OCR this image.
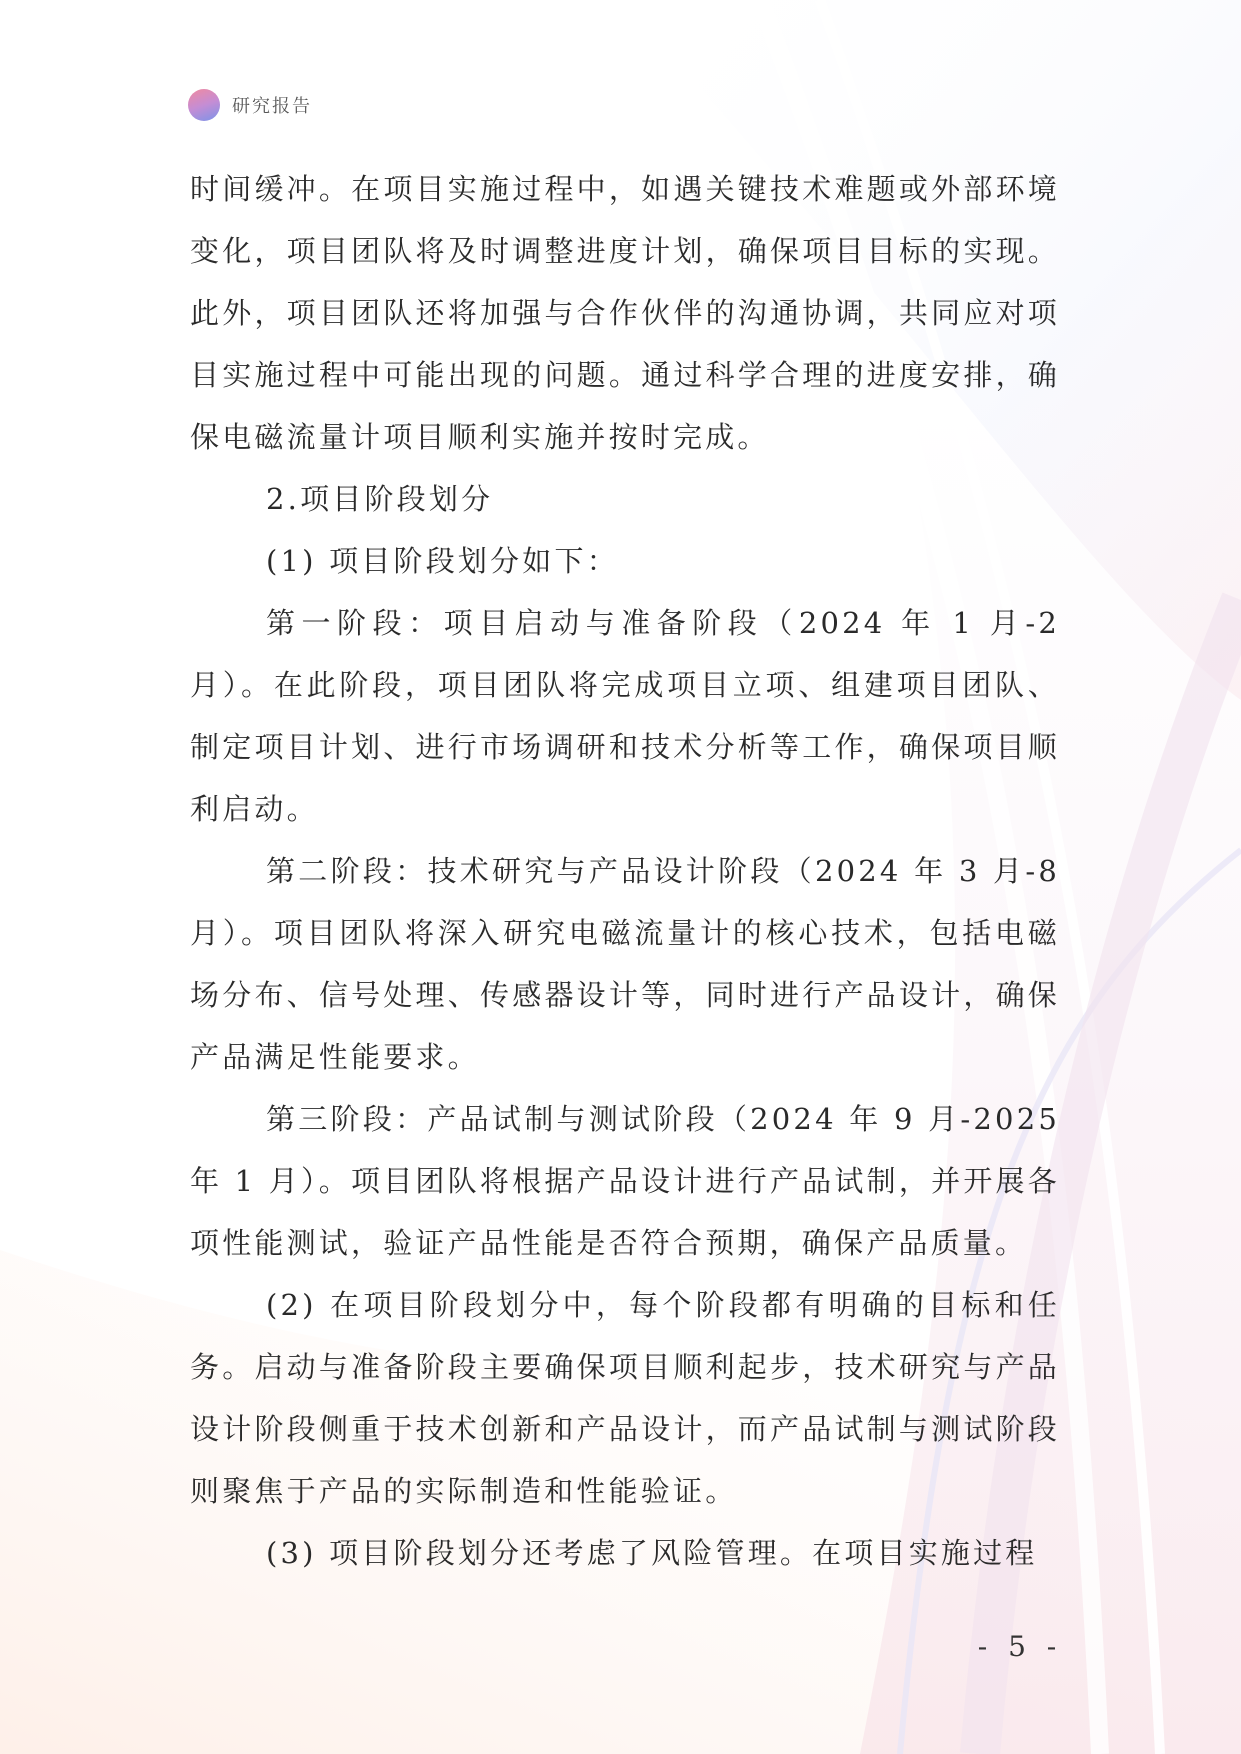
研究报告

时间缓冲。在项目实施过程中，如遇关键技术难题或外部环境变化，项目团队将及时调整进度计划，确保项目目标的实现。此外，项目团队还将加强与合作伙伴的沟通协调，共同应对项目实施过程中可能出现的问题。通过科学合理的进度安排，确保电磁流量计项目顺利实施并按时完成。

2.项目阶段划分

(1) 项目阶段划分如下：

第一阶段：项目启动与准备阶段（2024 年 1 月-2 月）。在此阶段，项目团队将完成项目立项、组建项目团队、制定项目计划、进行市场调研和技术分析等工作，确保项目顺利启动。

第二阶段：技术研究与产品设计阶段（2024 年 3 月-8 月）。项目团队将深入研究电磁流量计的核心技术，包括电磁场分布、信号处理、传感器设计等，同时进行产品设计，确保产品满足性能要求。

第三阶段：产品试制与测试阶段（2024 年 9 月-2025 年 1 月）。项目团队将根据产品设计进行产品试制，并开展各项性能测试，验证产品性能是否符合预期，确保产品质量。

(2) 在项目阶段划分中，每个阶段都有明确的目标和任务。启动与准备阶段主要确保项目顺利起步，技术研究与产品设计阶段侧重于技术创新和产品设计，而产品试制与测试阶段则聚焦于产品的实际制造和性能验证。

(3) 项目阶段划分还考虑了风险管理。在项目实施过程

- 5 -
